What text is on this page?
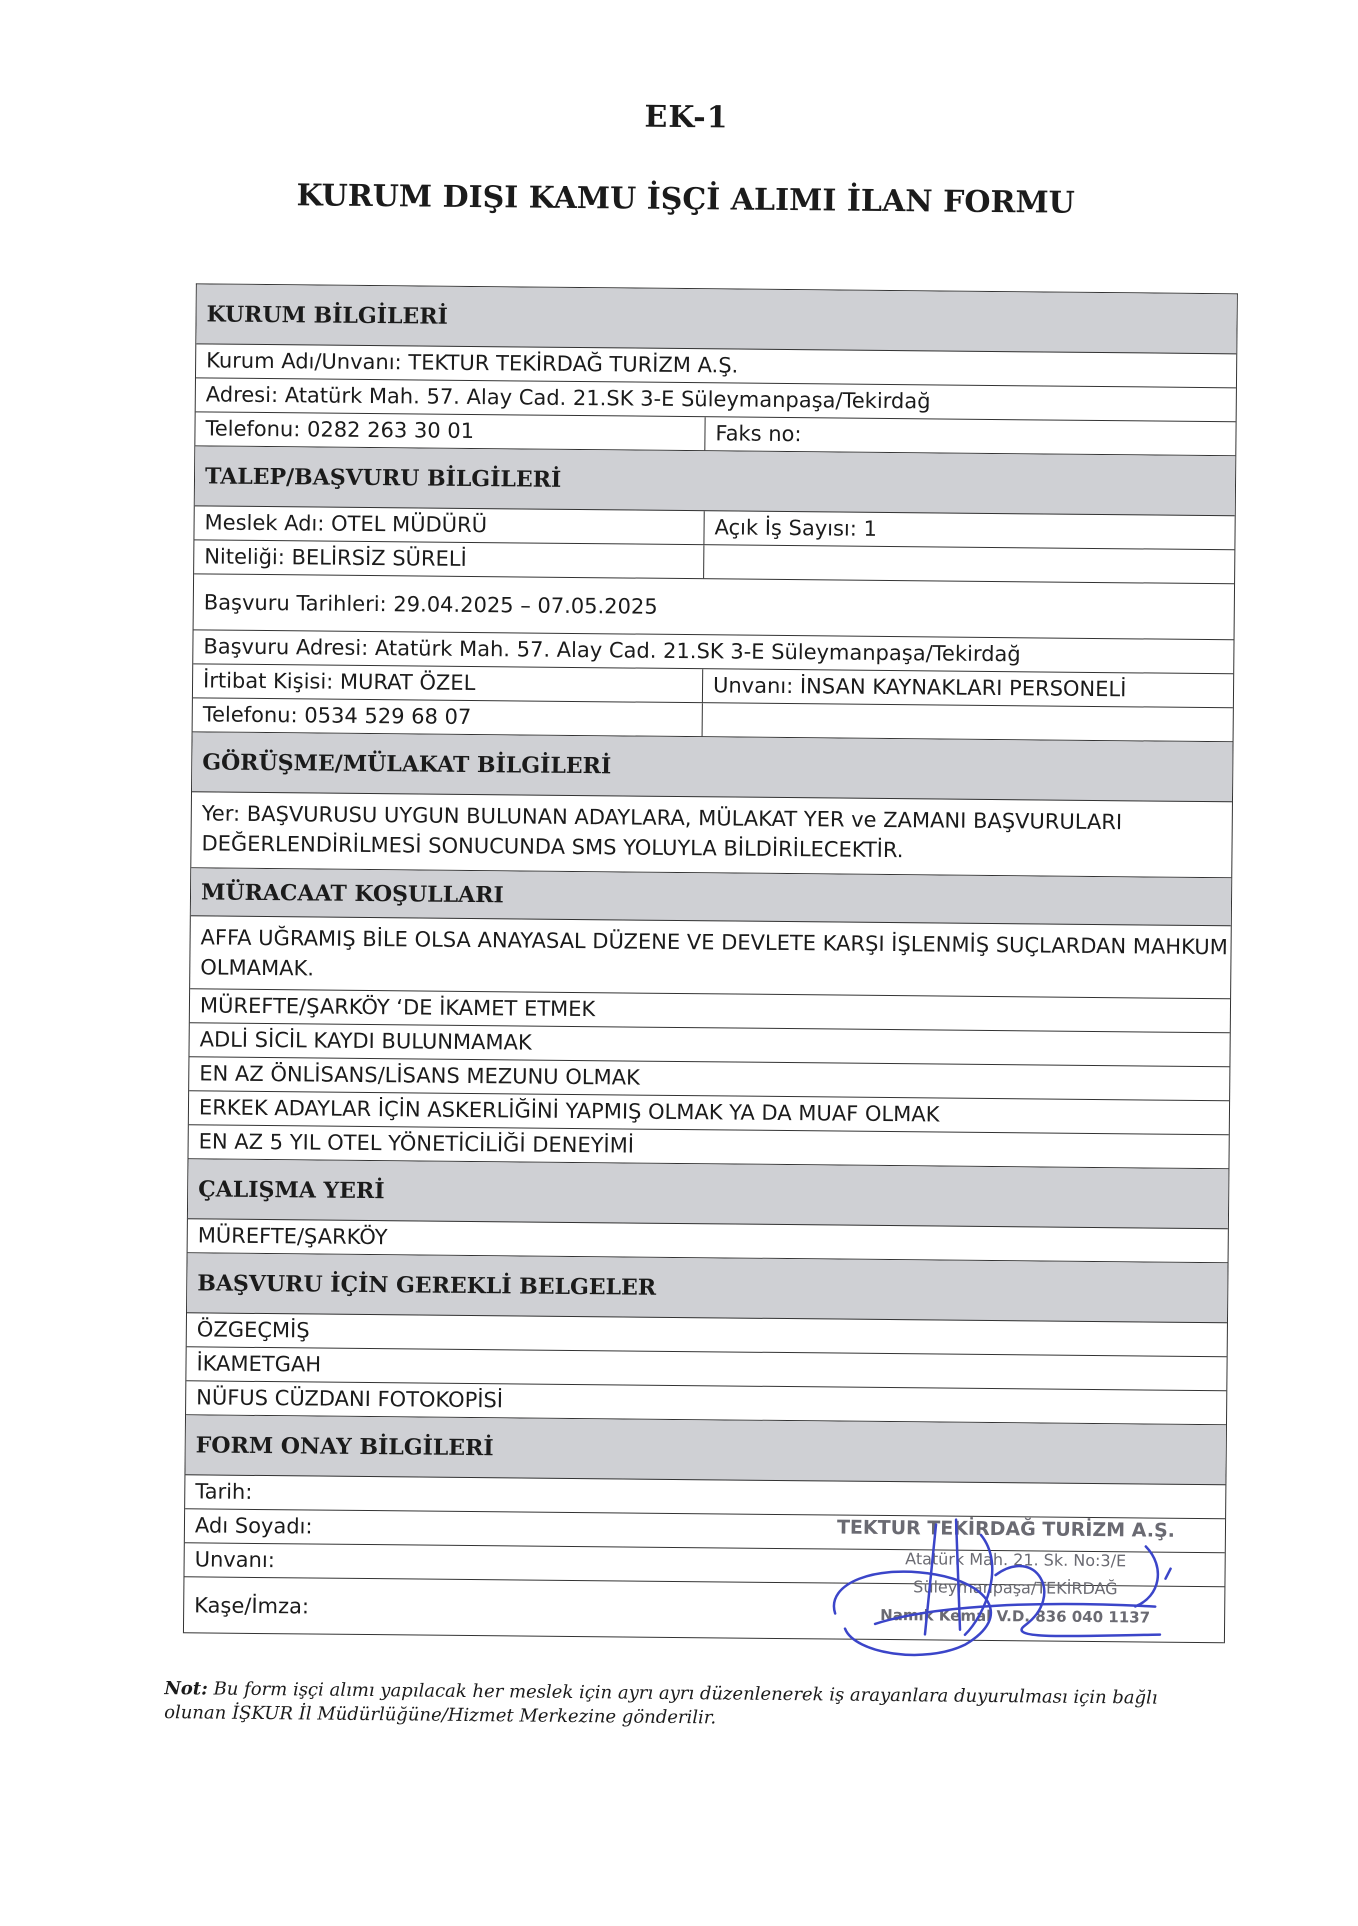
EK-1
KURUM DIŞI KAMU İŞÇİ ALIMI İLAN FORMU
KURUM BİLGİLERİ
Kurum Adı/Unvanı: TEKTUR TEKİRDAĞ TURİZM A.Ş.
Adresi: Atatürk Mah. 57. Alay Cad. 21.SK 3-E Süleymanpaşa/Tekirdağ
Telefonu: 0282 263 30 01	Faks no:
TALEP/BAŞVURU BİLGİLERİ
Meslek Adı: OTEL MÜDÜRÜ	Açık İş Sayısı: 1
Niteliği: BELİRSİZ SÜRELİ
Başvuru Tarihleri: 29.04.2025 – 07.05.2025
Başvuru Adresi: Atatürk Mah. 57. Alay Cad. 21.SK 3-E Süleymanpaşa/Tekirdağ
İrtibat Kişisi: MURAT ÖZEL	Unvanı: İNSAN KAYNAKLARI PERSONELİ
Telefonu: 0534 529 68 07
GÖRÜŞME/MÜLAKAT BİLGİLERİ
Yer: BAŞVURUSU UYGUN BULUNAN ADAYLARA, MÜLAKAT YER ve ZAMANI BAŞVURULARI DEĞERLENDİRİLMESİ SONUCUNDA SMS YOLUYLA BİLDİRİLECEKTİR.
MÜRACAAT KOŞULLARI
AFFA UĞRAMIŞ BİLE OLSA ANAYASAL DÜZENE VE DEVLETE KARŞI İŞLENMİŞ SUÇLARDAN MAHKUM OLMAMAK.
MÜREFTE/ŞARKÖY ‘DE İKAMET ETMEK
ADLİ SİCİL KAYDI BULUNMAMAK
EN AZ ÖNLİSANS/LİSANS MEZUNU OLMAK
ERKEK ADAYLAR İÇİN ASKERLİĞİNİ YAPMIŞ OLMAK YA DA MUAF OLMAK
EN AZ 5 YIL OTEL YÖNETİCİLİĞİ DENEYİMİ
ÇALIŞMA YERİ
MÜREFTE/ŞARKÖY
BAŞVURU İÇİN GEREKLİ BELGELER
ÖZGEÇMİŞ
İKAMETGAH
NÜFUS CÜZDANI FOTOKOPİSİ
FORM ONAY BİLGİLERİ
Tarih:
Adı Soyadı:
Unvanı:
Kaşe/İmza:
TEKTUR TEKİRDAĞ TURİZM A.Ş.
Atatürk Mah. 21. Sk. No:3/E
Süleymanpaşa/TEKİRDAĞ
Namık Kemal V.D. 836 040 1137
Not: Bu form işçi alımı yapılacak her meslek için ayrı ayrı düzenlenerek iş arayanlara duyurulması için bağlı olunan İŞKUR İl Müdürlüğüne/Hizmet Merkezine gönderilir.
